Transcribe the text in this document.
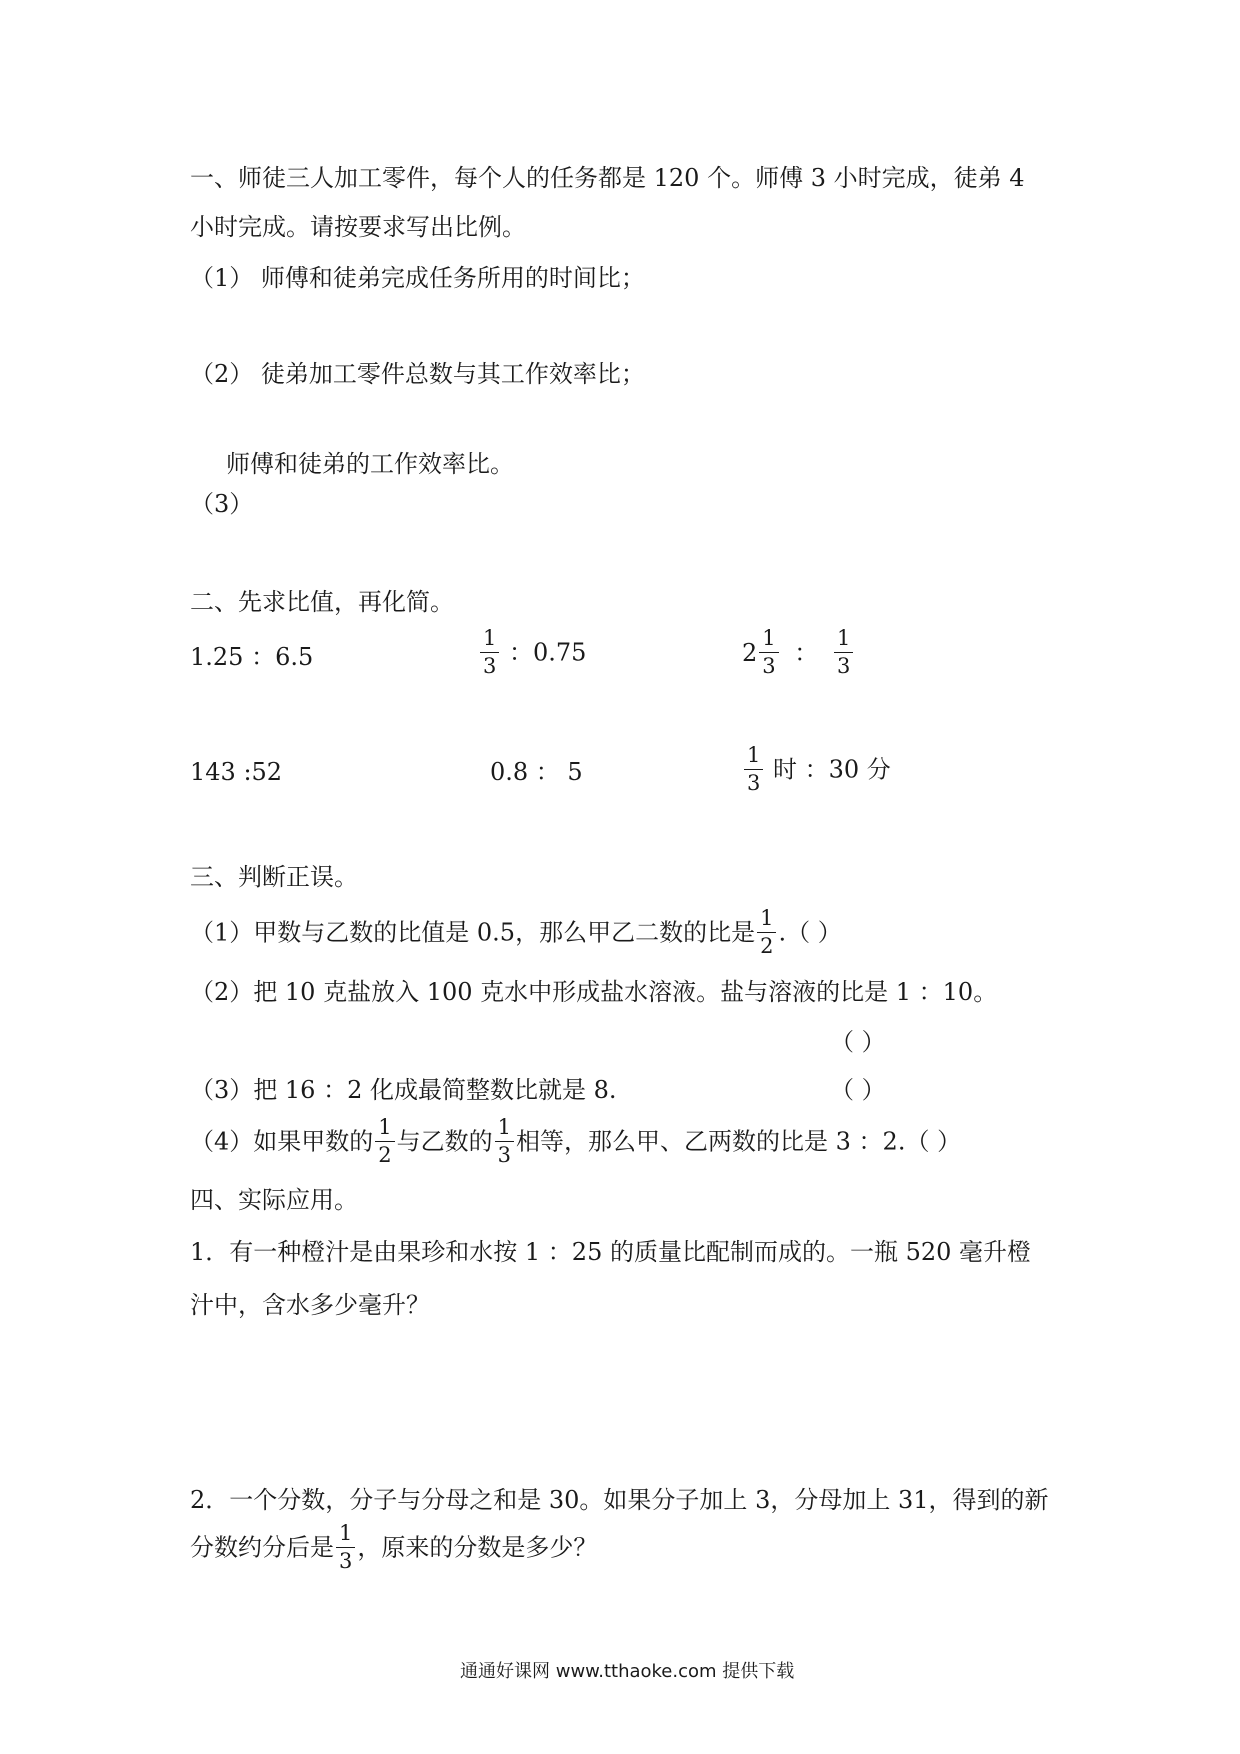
一、师徒三人加工零件，每个人的任务都是 120 个。师傅 3 小时完成，徒弟 4
小时完成。请按要求写出比例。
（1） 师傅和徒弟完成任务所用的时间比；
（2） 徒弟加工零件总数与其工作效率比；
师傅和徒弟的工作效率比。
（3）
二、先求比值，再化简。
1.25 ：6.5	$\frac{1}{3}$ ：0.75	$2 \frac{1}{3}$ ： $\frac{1}{3}$
143 :52	0.8 ： 5	$\frac{1}{3}$ 时 ：30 分
三、判断正误。
（1）甲数与乙数的比值是 0.5，那么甲乙二数的比是 $\frac{1}{2}$ .（ ）
（2）把 10 克盐放入 100 克水中形成盐水溶液。盐与溶液的比是 1 ：10。
（ ）
（3）把 16 ：2 化成最简整数比就是 8.	（ ）
（4）如果甲数的 $\frac{1}{2}$ 与乙数的 $\frac{1}{3}$ 相等，那么甲、乙两数的比是 3 ：2.（ ）
四、实际应用。
1．有一种橙汁是由果珍和水按 1 ：25 的质量比配制而成的。一瓶 520 毫升橙
汁中，含水多少毫升？
2．一个分数，分子与分母之和是 30。如果分子加上 3，分母加上 31，得到的新
分数约分后是 $\frac{1}{3}$ ，原来的分数是多少？
通通好课网 www.tthaoke.com 提供下载
